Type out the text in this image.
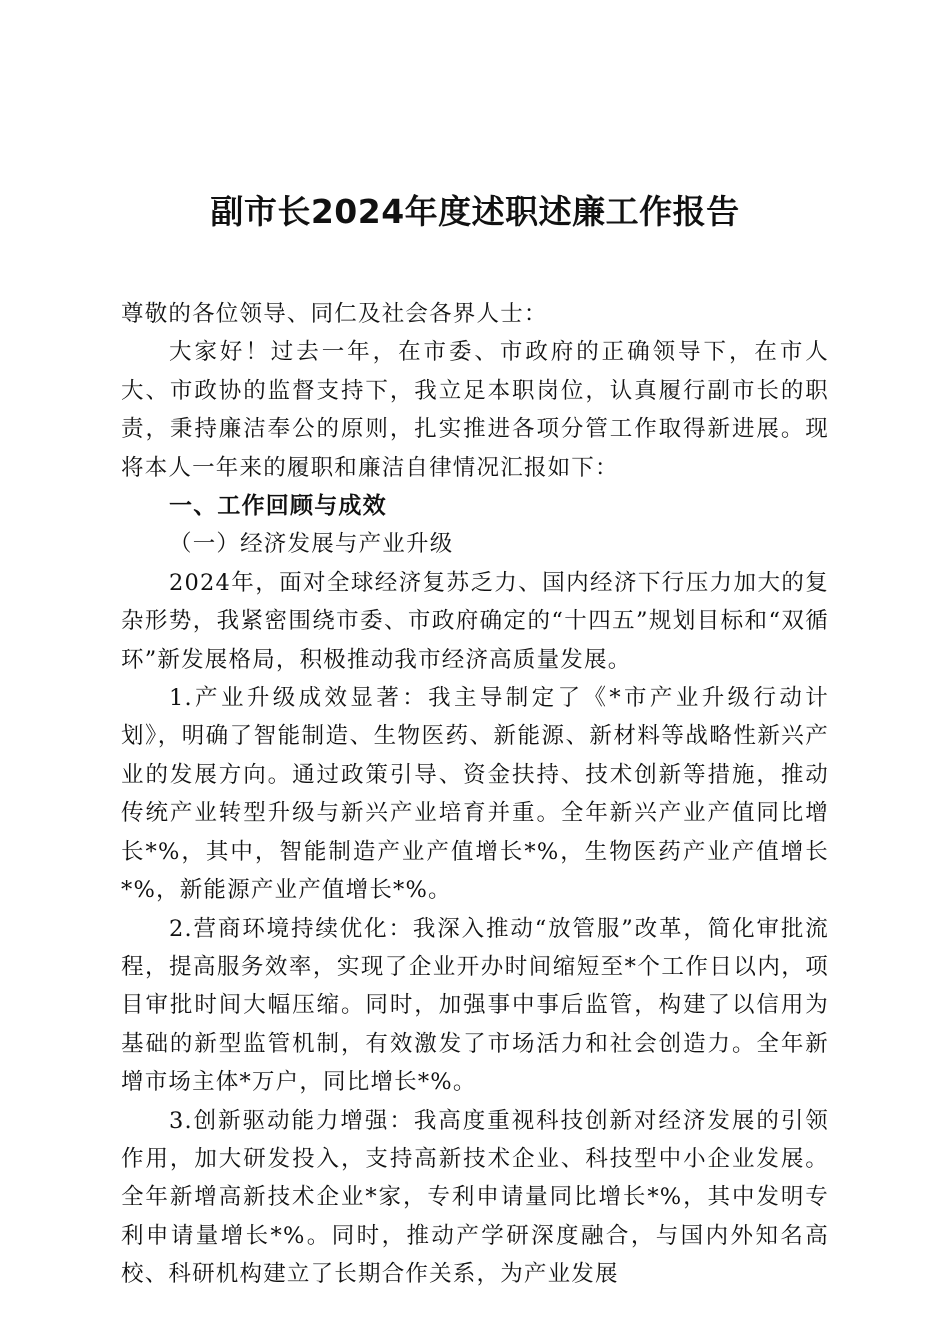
副市长2024年度述职述廉工作报告

尊敬的各位领导、同仁及社会各界人士：

大家好！过去一年，在市委、市政府的正确领导下，在市人大、市政协的监督支持下，我立足本职岗位，认真履行副市长的职责，秉持廉洁奉公的原则，扎实推进各项分管工作取得新进展。现将本人一年来的履职和廉洁自律情况汇报如下：

一、工作回顾与成效

（一）经济发展与产业升级

2024年，面对全球经济复苏乏力、国内经济下行压力加大的复杂形势，我紧密围绕市委、市政府确定的“十四五”规划目标和“双循环”新发展格局，积极推动我市经济高质量发展。

1.产业升级成效显著：我主导制定了《*市产业升级行动计划》，明确了智能制造、生物医药、新能源、新材料等战略性新兴产业的发展方向。通过政策引导、资金扶持、技术创新等措施，推动传统产业转型升级与新兴产业培育并重。全年新兴产业产值同比增长*%，其中，智能制造产业产值增长*%，生物医药产业产值增长*%，新能源产业产值增长*%。

2.营商环境持续优化：我深入推动“放管服”改革，简化审批流程，提高服务效率，实现了企业开办时间缩短至*个工作日以内，项目审批时间大幅压缩。同时，加强事中事后监管，构建了以信用为基础的新型监管机制，有效激发了市场活力和社会创造力。全年新增市场主体*万户，同比增长*%。

3.创新驱动能力增强：我高度重视科技创新对经济发展的引领作用，加大研发投入，支持高新技术企业、科技型中小企业发展。全年新增高新技术企业*家，专利申请量同比增长*%，其中发明专利申请量增长*%。同时，推动产学研深度融合，与国内外知名高校、科研机构建立了长期合作关系，为产业发展
